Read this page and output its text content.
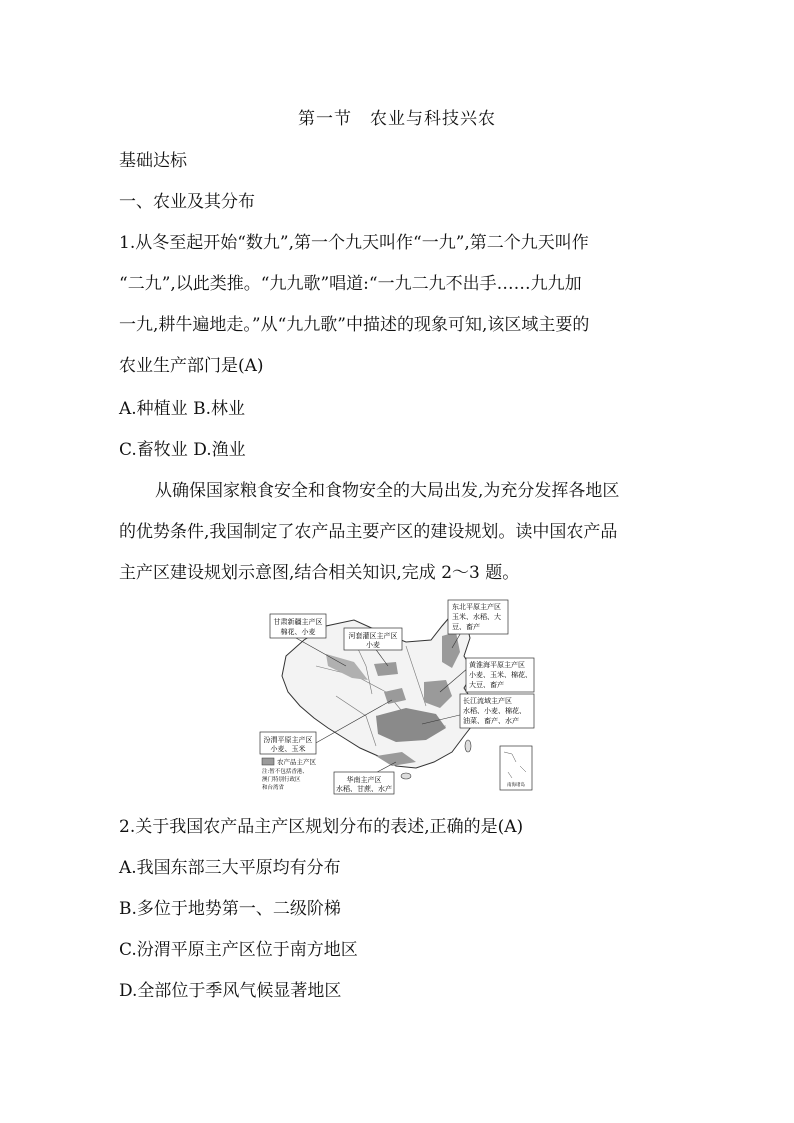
第一节　农业与科技兴农
基础达标
一、农业及其分布
1.从冬至起开始“数九”,第一个九天叫作“一九”,第二个九天叫作
“二九”,以此类推。“九九歌”唱道:“一九二九不出手……九九加
一九,耕牛遍地走。”从“九九歌”中描述的现象可知,该区域主要的
农业生产部门是(A)
A.种植业 B.林业
C.畜牧业 D.渔业
从确保国家粮食安全和食物安全的大局出发,为充分发挥各地区
的优势条件,我国制定了农产品主要产区的建设规划。读中国农产品
主产区建设规划示意图,结合相关知识,完成 2～3 题。
甘肃新疆主产区
棉花、小麦	河套灌区主产区
小麦
东北平原主产区
玉米、水稻、大
豆、畜产
黄淮海平原主产区
小麦、玉米、棉花、
大豆、畜产
长江流域主产区
水稻、小麦、棉花、
油菜、畜产、水产
汾渭平原主产区
小麦、玉米
农产品主产区
注:暂不包括香港、
澳门特别行政区
和台湾省
华南主产区
水稻、甘蔗、水产	南海诸岛
2.关于我国农产品主产区规划分布的表述,正确的是(A)
A.我国东部三大平原均有分布
B.多位于地势第一、二级阶梯
C.汾渭平原主产区位于南方地区
D.全部位于季风气候显著地区
